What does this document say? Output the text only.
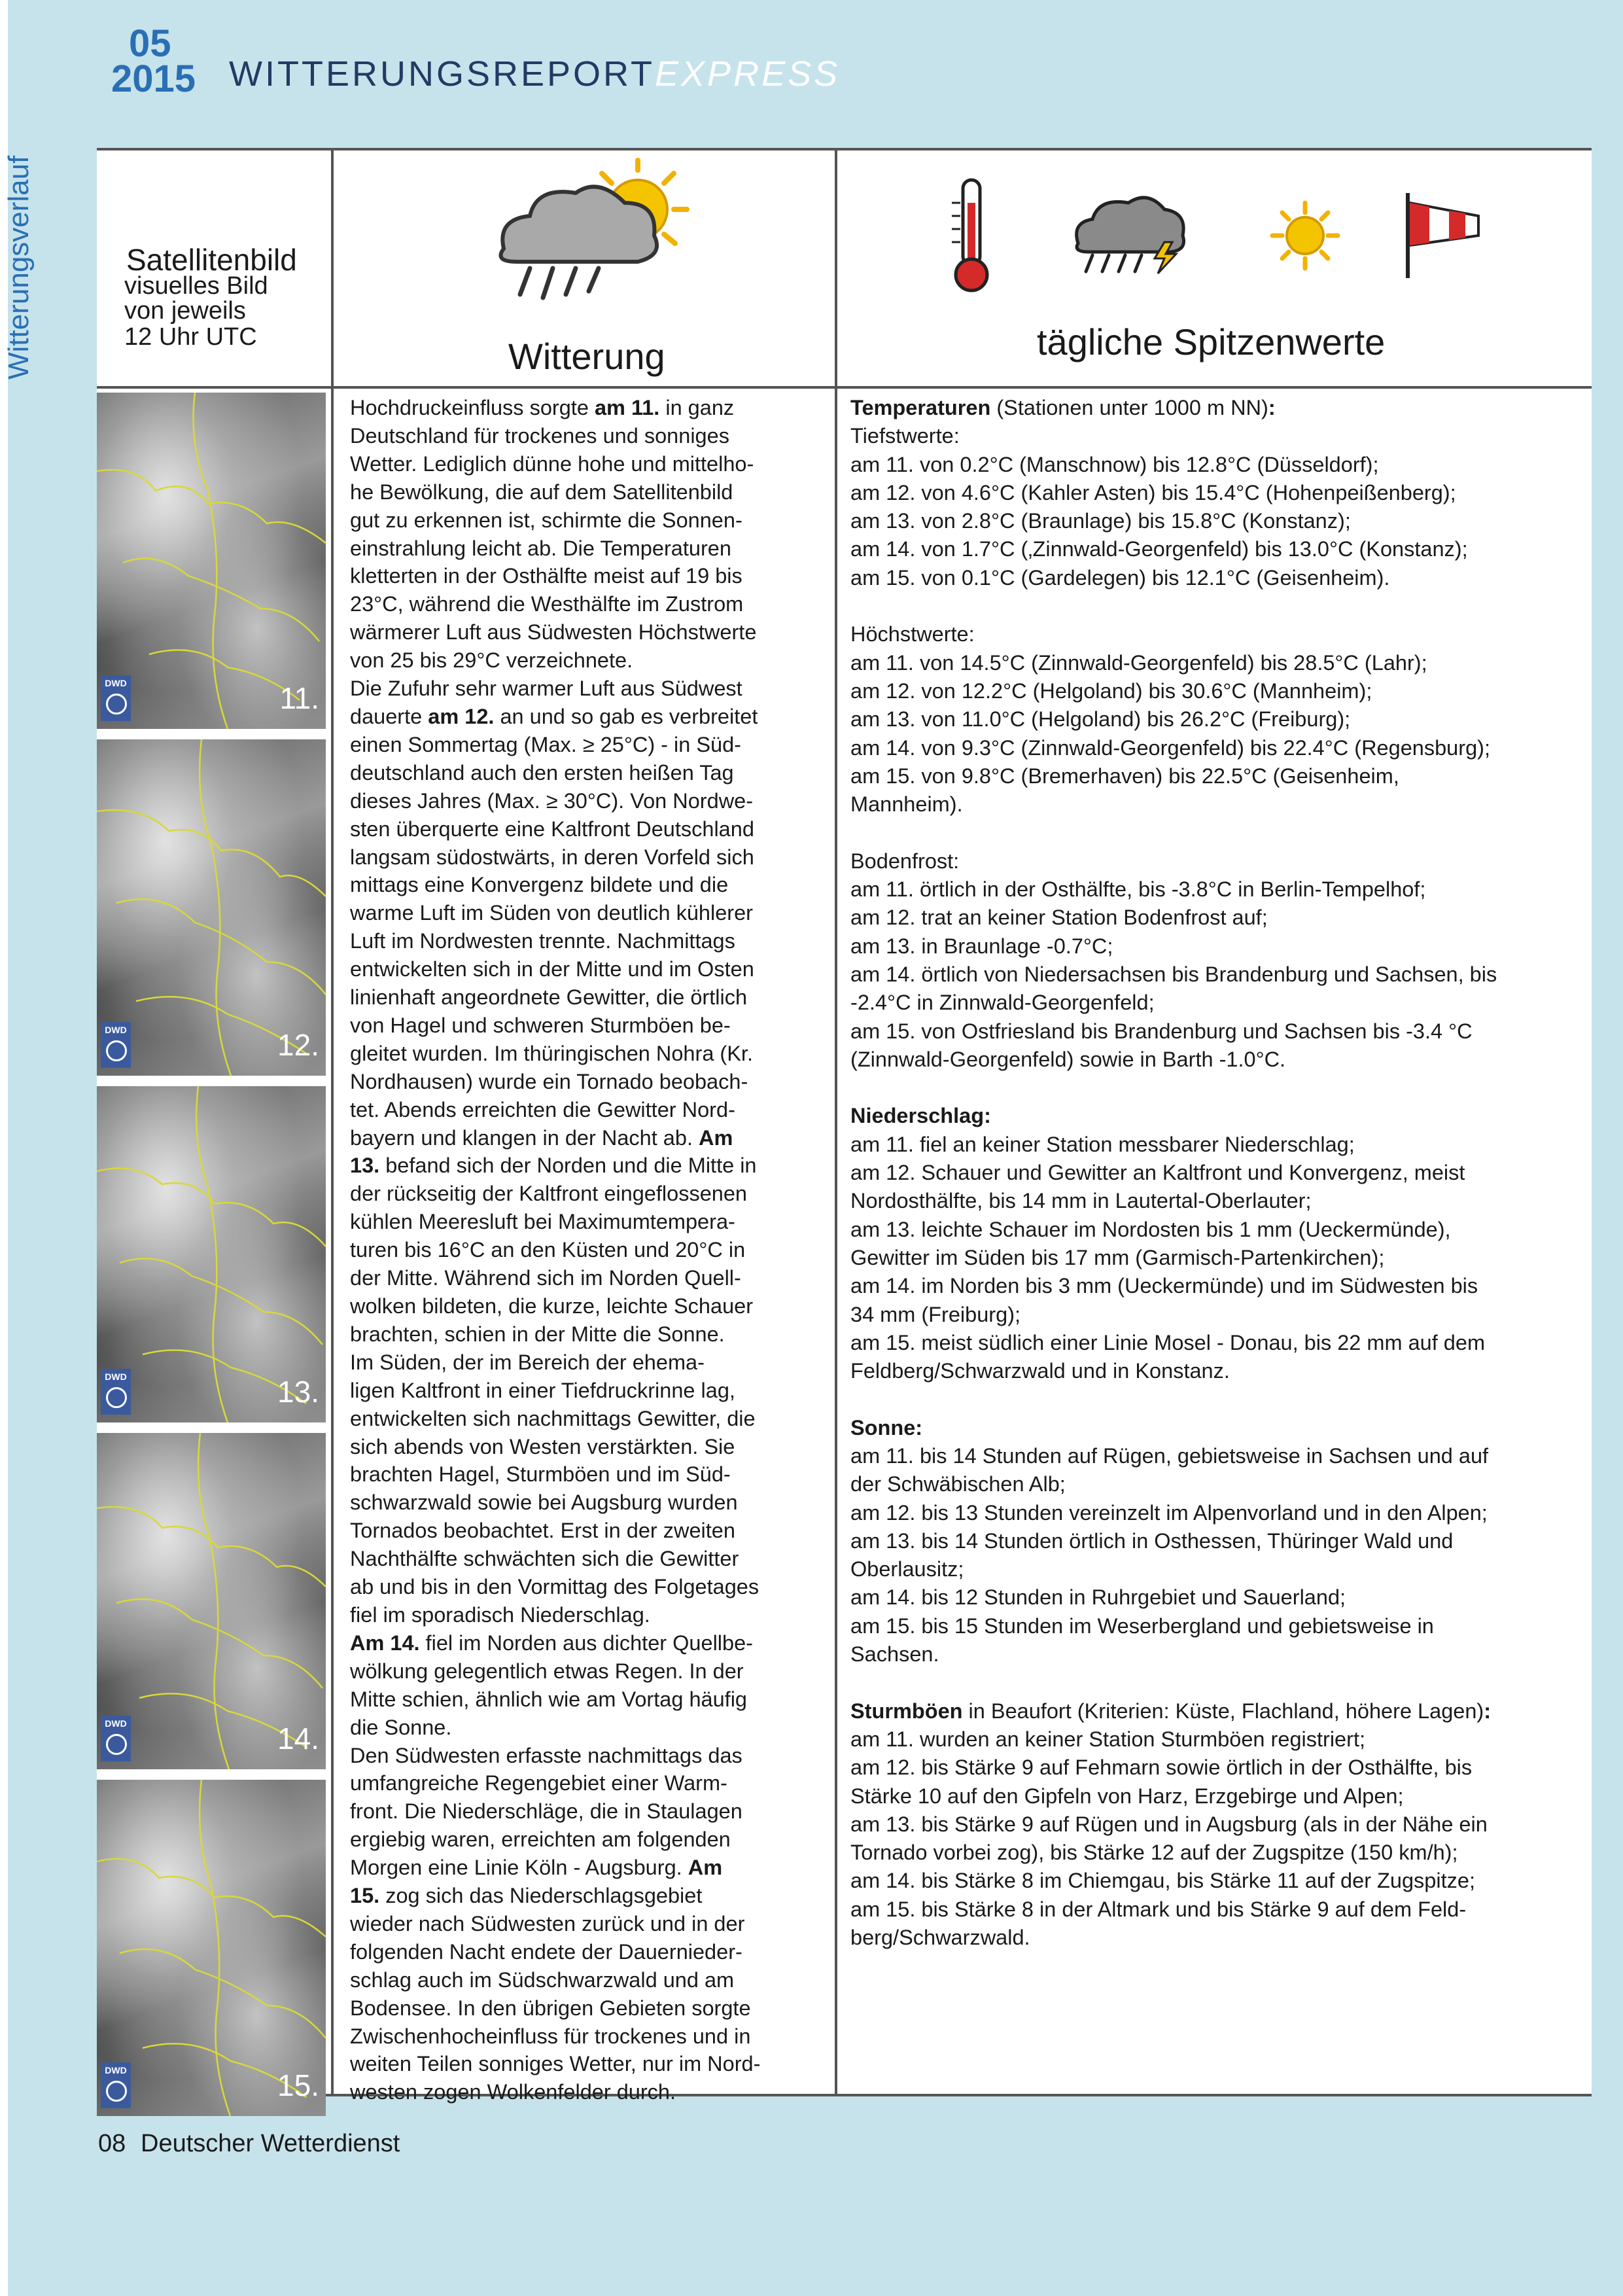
05
2015 WITTERUNGSREPORTEXPRESS
Witterungsverlauf	Satellitenbild
visuelles Bild
von jeweils
12 Uhr UTC	Witterung	tägliche Spitzenwerte
DWD	11.
DWD	12.
DWD	13.
DWD	14.
DWD	15.

Hochdruckeinfluss sorgte am 11. in ganz

Deutschland für trockenes und sonniges

Wetter. Lediglich dünne hohe und mittelho-

he Bewölkung, die auf dem Satellitenbild

gut zu erkennen ist, schirmte die Sonnen-

einstrahlung leicht ab. Die Temperaturen

kletterten in der Osthälfte meist auf 19 bis

23°C, während die Westhälfte im Zustrom

wärmerer Luft aus Südwesten Höchstwerte

von 25 bis 29°C verzeichnete.

Die Zufuhr sehr warmer Luft aus Südwest

dauerte am 12. an und so gab es verbreitet

einen Sommertag (Max. ≥ 25°C) - in Süd-

deutschland auch den ersten heißen Tag

dieses Jahres (Max. ≥ 30°C). Von Nordwe-

sten überquerte eine Kaltfront Deutschland

langsam südostwärts, in deren Vorfeld sich

mittags eine Konvergenz bildete und die

warme Luft im Süden von deutlich kühlerer

Luft im Nordwesten trennte. Nachmittags

entwickelten sich in der Mitte und im Osten

linienhaft angeordnete Gewitter, die örtlich

von Hagel und schweren Sturmböen be-

gleitet wurden. Im thüringischen Nohra (Kr.

Nordhausen) wurde ein Tornado beobach-

tet. Abends erreichten die Gewitter Nord-

bayern und klangen in der Nacht ab. Am

13. befand sich der Norden und die Mitte in

der rückseitig der Kaltfront eingeflossenen

kühlen Meeresluft bei Maximumtempera-

turen bis 16°C an den Küsten und 20°C in

der Mitte. Während sich im Norden Quell-

wolken bildeten, die kurze, leichte Schauer

brachten, schien in der Mitte die Sonne.

Im Süden, der im Bereich der ehema-

ligen Kaltfront in einer Tiefdruckrinne lag,

entwickelten sich nachmittags Gewitter, die

sich abends von Westen verstärkten. Sie

brachten Hagel, Sturmböen und im Süd-

schwarzwald sowie bei Augsburg wurden

Tornados beobachtet. Erst in der zweiten

Nachthälfte schwächten sich die Gewitter

ab und bis in den Vormittag des Folgetages

fiel im sporadisch Niederschlag.

Am 14. fiel im Norden aus dichter Quellbe-

wölkung gelegentlich etwas Regen. In der

Mitte schien, ähnlich wie am Vortag häufig

die Sonne.

Den Südwesten erfasste nachmittags das

umfangreiche Regengebiet einer Warm-

front. Die Niederschläge, die in Staulagen

ergiebig waren, erreichten am folgenden

Morgen eine Linie Köln - Augsburg. Am

15. zog sich das Niederschlagsgebiet

wieder nach Südwesten zurück und in der

folgenden Nacht endete der Dauernieder-

schlag auch im Südschwarzwald und am

Bodensee. In den übrigen Gebieten sorgte

Zwischenhocheinfluss für trockenes und in

weiten Teilen sonniges Wetter, nur im Nord-

westen zogen Wolkenfelder durch.

Temperaturen (Stationen unter 1000 m NN):

Tiefstwerte:

am 11. von 0.2°C (Manschnow) bis 12.8°C (Düsseldorf);

am 12. von 4.6°C (Kahler Asten) bis 15.4°C (Hohenpeißenberg);

am 13. von 2.8°C (Braunlage) bis 15.8°C (Konstanz);

am 14. von 1.7°C (‚Zinnwald-Georgenfeld) bis 13.0°C (Konstanz);

am 15. von 0.1°C (Gardelegen) bis 12.1°C (Geisenheim).

Höchstwerte:

am 11. von 14.5°C (Zinnwald-Georgenfeld) bis 28.5°C (Lahr);

am 12. von 12.2°C (Helgoland) bis 30.6°C (Mannheim);

am 13. von 11.0°C (Helgoland) bis 26.2°C (Freiburg);

am 14. von 9.3°C (Zinnwald-Georgenfeld) bis 22.4°C (Regensburg);

am 15. von 9.8°C (Bremerhaven) bis 22.5°C (Geisenheim,

Mannheim).

Bodenfrost:

am 11. örtlich in der Osthälfte, bis -3.8°C in Berlin-Tempelhof;

am 12. trat an keiner Station Bodenfrost auf;

am 13. in Braunlage -0.7°C;

am 14. örtlich von Niedersachsen bis Brandenburg und Sachsen, bis

-2.4°C in Zinnwald-Georgenfeld;

am 15. von Ostfriesland bis Brandenburg und Sachsen bis -3.4 °C

(Zinnwald-Georgenfeld) sowie in Barth -1.0°C.

Niederschlag:

am 11. fiel an keiner Station messbarer Niederschlag;

am 12. Schauer und Gewitter an Kaltfront und Konvergenz, meist

Nordosthälfte, bis 14 mm in Lautertal-Oberlauter;

am 13. leichte Schauer im Nordosten bis 1 mm (Ueckermünde),

Gewitter im Süden bis 17 mm (Garmisch-Partenkirchen);

am 14. im Norden bis 3 mm (Ueckermünde) und im Südwesten bis

34 mm (Freiburg);

am 15. meist südlich einer Linie Mosel - Donau, bis 22 mm auf dem

Feldberg/Schwarzwald und in Konstanz.

Sonne:

am 11. bis 14 Stunden auf Rügen, gebietsweise in Sachsen und auf

der Schwäbischen Alb;

am 12. bis 13 Stunden vereinzelt im Alpenvorland und in den Alpen;

am 13. bis 14 Stunden örtlich in Osthessen, Thüringer Wald und

Oberlausitz;

am 14. bis 12 Stunden in Ruhrgebiet und Sauerland;

am 15. bis 15 Stunden im Weserbergland und gebietsweise in

Sachsen.

Sturmböen in Beaufort (Kriterien: Küste, Flachland, höhere Lagen):

am 11. wurden an keiner Station Sturmböen registriert;

am 12. bis Stärke 9 auf Fehmarn sowie örtlich in der Osthälfte, bis

Stärke 10 auf den Gipfeln von Harz, Erzgebirge und Alpen;

am 13. bis Stärke 9 auf Rügen und in Augsburg (als in der Nähe ein

Tornado vorbei zog), bis Stärke 12 auf der Zugspitze (150 km/h);

am 14. bis Stärke 8 im Chiemgau, bis Stärke 11 auf der Zugspitze;

am 15. bis Stärke 8 in der Altmark und bis Stärke 9 auf dem Feld-

berg/Schwarzwald.

08 Deutscher Wetterdienst
